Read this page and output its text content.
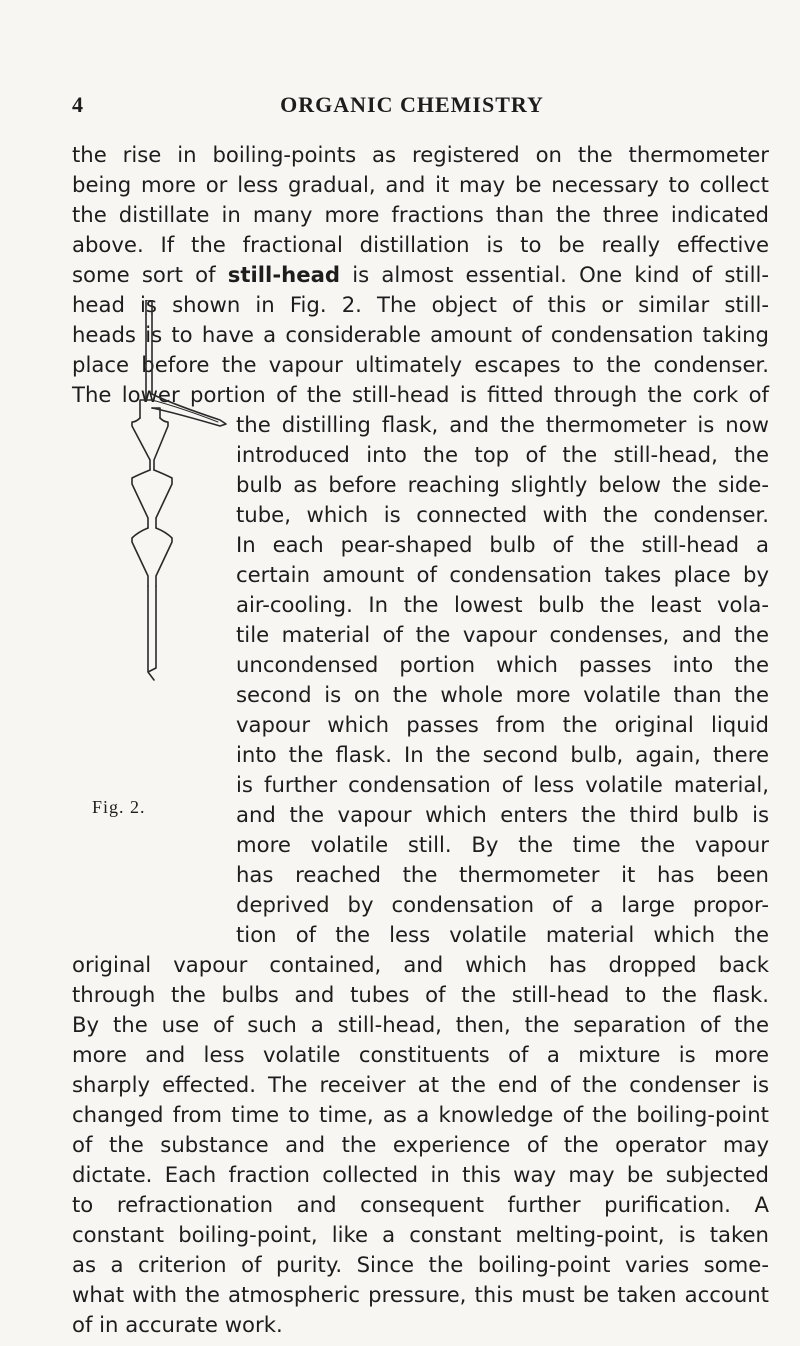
4	ORGANIC CHEMISTRY
the rise in boiling-points as registered on the thermometer
being more or less gradual, and it may be necessary to collect
the distillate in many more fractions than the three indicated
above. If the fractional distillation is to be really effective
some sort of still-head is almost essential. One kind of still-
head is shown in Fig. 2. The object of this or similar still-
heads is to have a considerable amount of condensation taking
place before the vapour ultimately escapes to the condenser.
The lower portion of the still-head is fitted through the cork of
the distilling flask, and the thermometer is now
introduced into the top of the still-head, the
bulb as before reaching slightly below the side-
tube, which is connected with the condenser.
In each pear-shaped bulb of the still-head a
certain amount of condensation takes place by
air-cooling. In the lowest bulb the least vola-
tile material of the vapour condenses, and the
uncondensed portion which passes into the
second is on the whole more volatile than the
vapour which passes from the original liquid
into the flask. In the second bulb, again, there
is further condensation of less volatile material,
and the vapour which enters the third bulb is
more volatile still. By the time the vapour
has reached the thermometer it has been
deprived by condensation of a large propor-
tion of the less volatile material which the
original vapour contained, and which has dropped back
through the bulbs and tubes of the still-head to the flask.
By the use of such a still-head, then, the separation of the
more and less volatile constituents of a mixture is more
sharply effected. The receiver at the end of the condenser is
changed from time to time, as a knowledge of the boiling-point
of the substance and the experience of the operator may
dictate. Each fraction collected in this way may be subjected
to refractionation and consequent further purification. A
constant boiling-point, like a constant melting-point, is taken
as a criterion of purity. Since the boiling-point varies some-
what with the atmospheric pressure, this must be taken account
of in accurate work.
Fig. 2.
